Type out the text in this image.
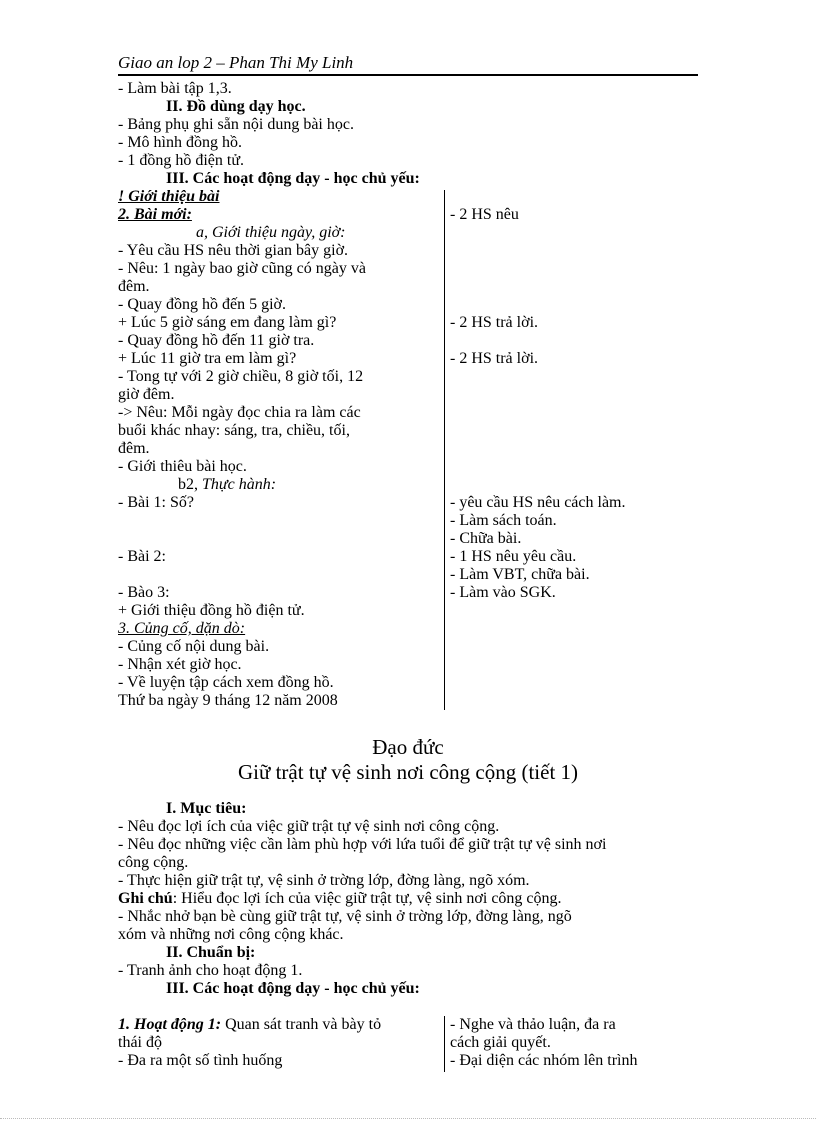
Giao an lop 2 – Phan Thi My Linh
- Làm bài tập 1,3.
II. Đồ dùng dạy học.
- Bảng phụ ghi sẵn nội dung bài học.
- Mô hình đồng hồ.
- 1 đồng hồ điện tử.
III. Các hoạt động dạy - học chủ yếu:
! Giới thiệu bài
2. Bài mới:
a, Giới thiệu ngày, giờ:
- Yêu cầu HS nêu thời gian bây giờ.
- Nêu: 1 ngày bao giờ cũng có ngày và
đêm.
- Quay đồng hồ đến 5 giờ.
+ Lúc 5 giờ sáng em đang làm gì?
- Quay đồng hồ đến 11 giờ tra.
+ Lúc 11 giờ tra em làm gì?
- Tong tự với 2 giờ chiều, 8 giờ tối, 12
giờ đêm.
-> Nêu: Mỗi ngày đọc chia ra làm các
buổi khác nhay: sáng, tra, chiều, tối,
đêm.
- Giới thiêu bài học.
b2, Thực hành:
- Bài 1: Số?
- Bài 2:
- Bào 3:
+ Giới thiệu đồng hồ điện tử.
3. Củng cố, dặn dò:
- Củng cố nội dung bài.
- Nhận xét giờ học.
- Về luyện tập cách xem đồng hồ.
Thứ ba ngày 9 tháng 12 năm 2008
- 2 HS nêu
- 2 HS trả lời.
- 2 HS trả lời.
- yêu cầu HS nêu cách làm.
- Làm sách toán.
- Chữa bài.
- 1 HS nêu yêu cầu.
- Làm VBT, chữa bài.
- Làm vào SGK.
Đạo đức
Giữ trật tự vệ sinh nơi công cộng (tiết 1)
I. Mục tiêu:
- Nêu đọc lợi ích của việc giữ trật tự vệ sinh nơi công cộng.
- Nêu đọc những việc cần làm phù hợp với lứa tuổi để giữ trật tự vệ sinh nơi
công cộng.
- Thực hiện giữ trật tự, vệ sinh ở trờng lớp, đờng làng, ngõ xóm.
Ghi chú: Hiểu đọc lợi ích của việc giữ trật tự, vệ sinh nơi công cộng.
- Nhắc nhở bạn bè cùng giữ trật tự, vệ sinh ở trờng lớp, đờng làng, ngõ
xóm và những nơi công cộng khác.
II. Chuẩn bị:
- Tranh ảnh cho hoạt động 1.
III. Các hoạt động dạy - học chủ yếu:
1. Hoạt động 1: Quan sát tranh và bày tỏ
thái độ
- Đa ra một số tình huống
- Nghe và thảo luận, đa ra
cách giải quyết.
- Đại diện các nhóm lên trình
